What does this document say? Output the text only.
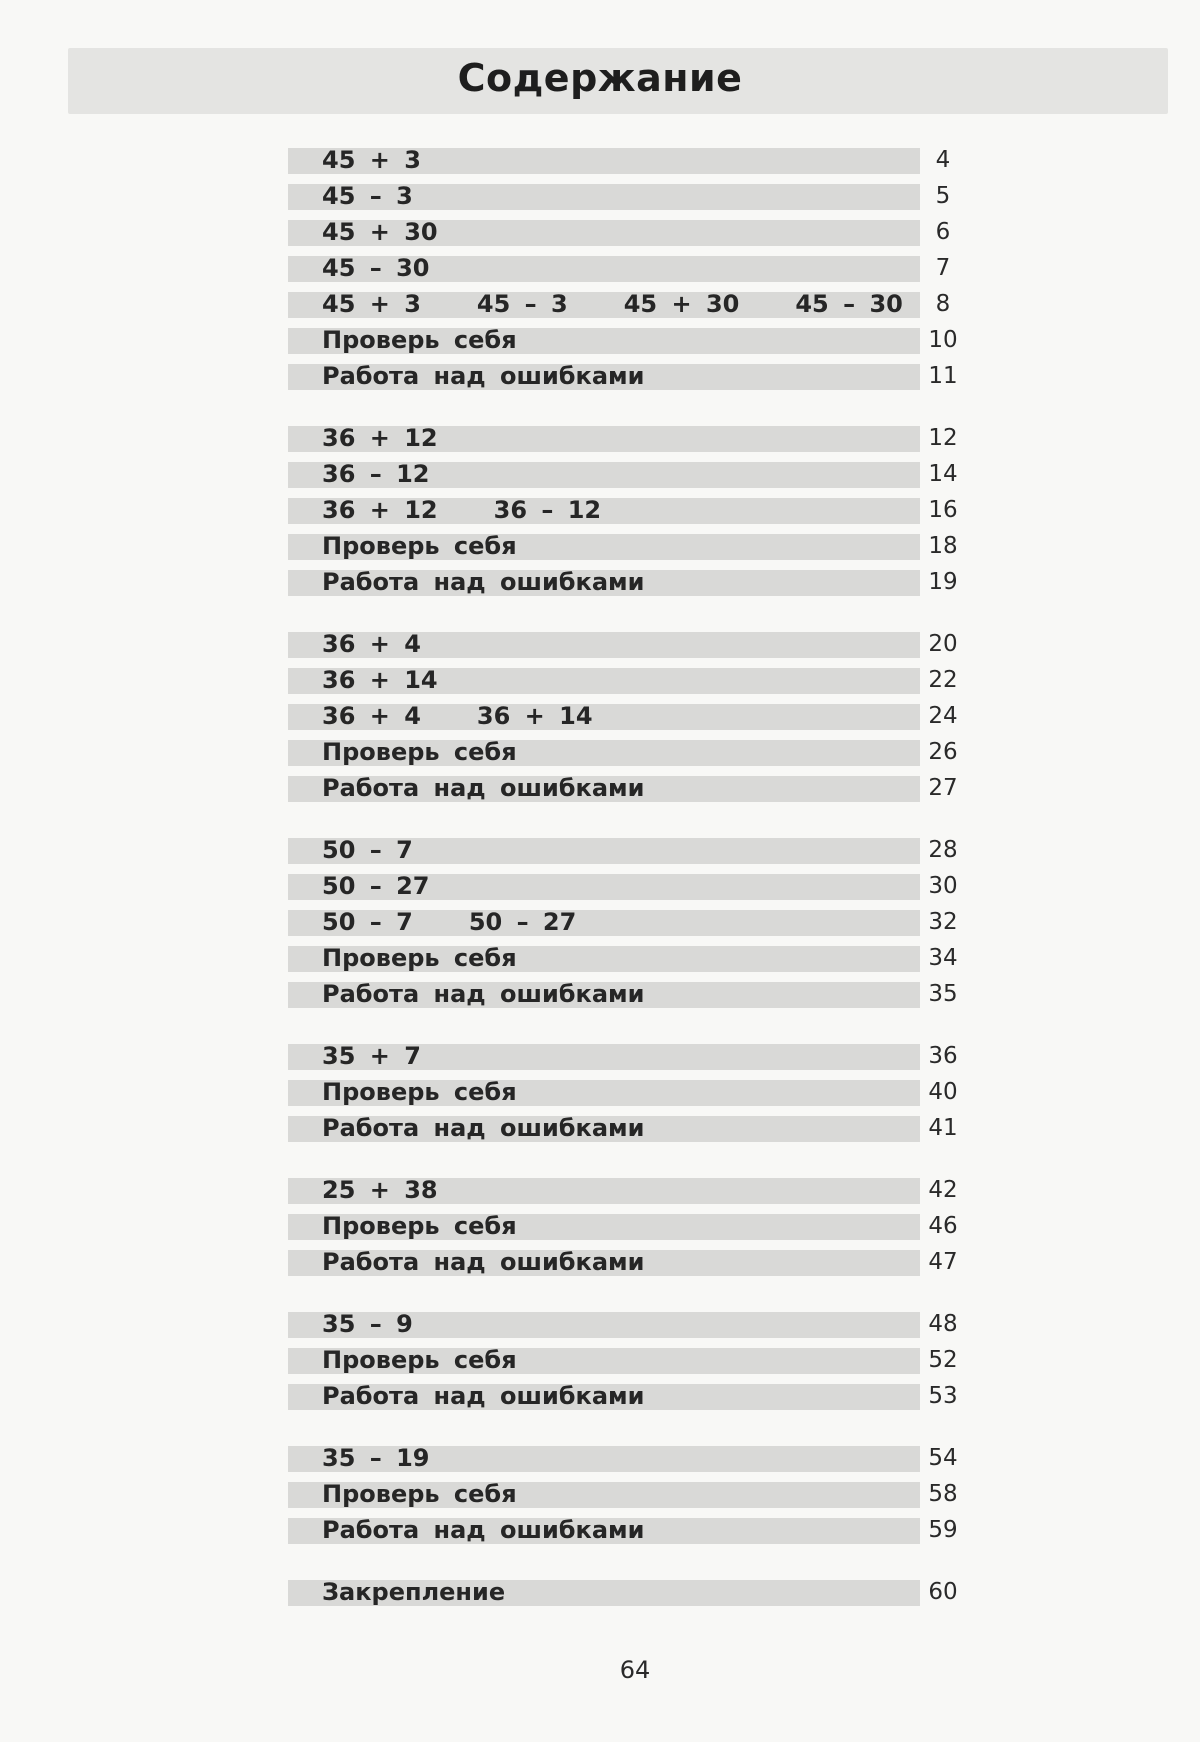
Содержание
45 + 3	4
45 – 3	5
45 + 30	6
45 – 30	7
45 + 3 45 – 3 45 + 30 45 – 30	8
Проверь себя	10
Работа над ошибками	11
36 + 12	12
36 – 12	14
36 + 12 36 – 12	16
Проверь себя	18
Работа над ошибками	19
36 + 4	20
36 + 14	22
36 + 4 36 + 14	24
Проверь себя	26
Работа над ошибками	27
50 – 7	28
50 – 27	30
50 – 7 50 – 27	32
Проверь себя	34
Работа над ошибками	35
35 + 7	36
Проверь себя	40
Работа над ошибками	41
25 + 38	42
Проверь себя	46
Работа над ошибками	47
35 – 9	48
Проверь себя	52
Работа над ошибками	53
35 – 19	54
Проверь себя	58
Работа над ошибками	59
Закрепление	60
64
